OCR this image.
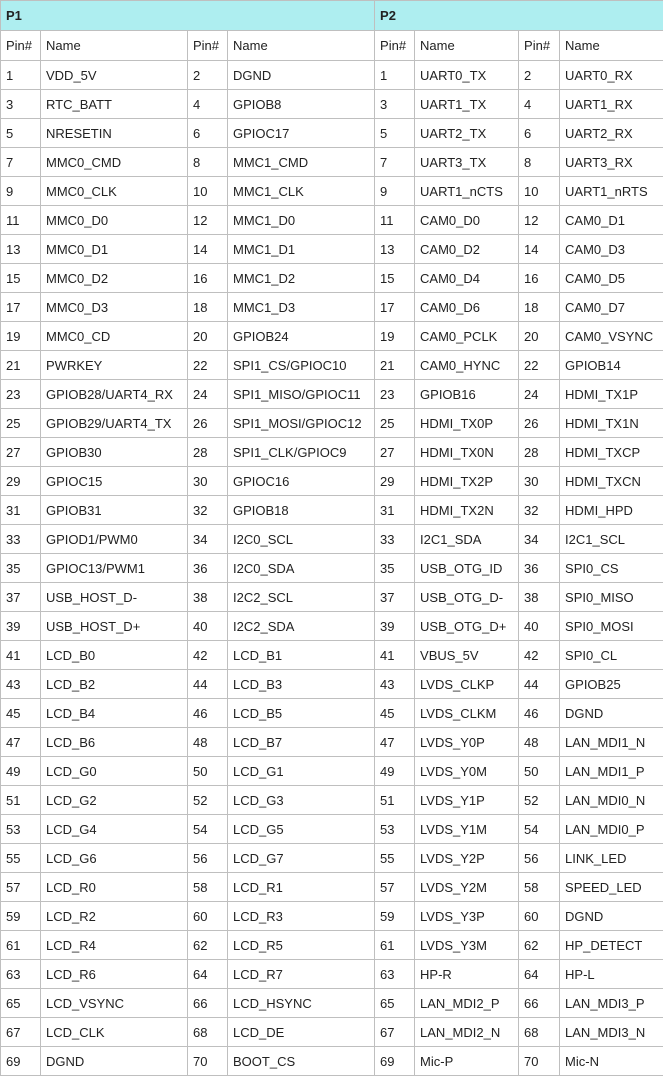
P1				P2			
Pin#	Name	Pin#	Name	Pin#	Name	Pin#	Name
1	VDD_5V	2	DGND	1	UART0_TX	2	UART0_RX
3	RTC_BATT	4	GPIOB8	3	UART1_TX	4	UART1_RX
5	NRESETIN	6	GPIOC17	5	UART2_TX	6	UART2_RX
7	MMC0_CMD	8	MMC1_CMD	7	UART3_TX	8	UART3_RX
9	MMC0_CLK	10	MMC1_CLK	9	UART1_nCTS	10	UART1_nRTS
11	MMC0_D0	12	MMC1_D0	11	CAM0_D0	12	CAM0_D1
13	MMC0_D1	14	MMC1_D1	13	CAM0_D2	14	CAM0_D3
15	MMC0_D2	16	MMC1_D2	15	CAM0_D4	16	CAM0_D5
17	MMC0_D3	18	MMC1_D3	17	CAM0_D6	18	CAM0_D7
19	MMC0_CD	20	GPIOB24	19	CAM0_PCLK	20	CAM0_VSYNC
21	PWRKEY	22	SPI1_CS/GPIOC10	21	CAM0_HYNC	22	GPIOB14
23	GPIOB28/UART4_RX	24	SPI1_MISO/GPIOC11	23	GPIOB16	24	HDMI_TX1P
25	GPIOB29/UART4_TX	26	SPI1_MOSI/GPIOC12	25	HDMI_TX0P	26	HDMI_TX1N
27	GPIOB30	28	SPI1_CLK/GPIOC9	27	HDMI_TX0N	28	HDMI_TXCP
29	GPIOC15	30	GPIOC16	29	HDMI_TX2P	30	HDMI_TXCN
31	GPIOB31	32	GPIOB18	31	HDMI_TX2N	32	HDMI_HPD
33	GPIOD1/PWM0	34	I2C0_SCL	33	I2C1_SDA	34	I2C1_SCL
35	GPIOC13/PWM1	36	I2C0_SDA	35	USB_OTG_ID	36	SPI0_CS
37	USB_HOST_D-	38	I2C2_SCL	37	USB_OTG_D-	38	SPI0_MISO
39	USB_HOST_D+	40	I2C2_SDA	39	USB_OTG_D+	40	SPI0_MOSI
41	LCD_B0	42	LCD_B1	41	VBUS_5V	42	SPI0_CL
43	LCD_B2	44	LCD_B3	43	LVDS_CLKP	44	GPIOB25
45	LCD_B4	46	LCD_B5	45	LVDS_CLKM	46	DGND
47	LCD_B6	48	LCD_B7	47	LVDS_Y0P	48	LAN_MDI1_N
49	LCD_G0	50	LCD_G1	49	LVDS_Y0M	50	LAN_MDI1_P
51	LCD_G2	52	LCD_G3	51	LVDS_Y1P	52	LAN_MDI0_N
53	LCD_G4	54	LCD_G5	53	LVDS_Y1M	54	LAN_MDI0_P
55	LCD_G6	56	LCD_G7	55	LVDS_Y2P	56	LINK_LED
57	LCD_R0	58	LCD_R1	57	LVDS_Y2M	58	SPEED_LED
59	LCD_R2	60	LCD_R3	59	LVDS_Y3P	60	DGND
61	LCD_R4	62	LCD_R5	61	LVDS_Y3M	62	HP_DETECT
63	LCD_R6	64	LCD_R7	63	HP-R	64	HP-L
65	LCD_VSYNC	66	LCD_HSYNC	65	LAN_MDI2_P	66	LAN_MDI3_P
67	LCD_CLK	68	LCD_DE	67	LAN_MDI2_N	68	LAN_MDI3_N
69	DGND	70	BOOT_CS	69	Mic-P	70	Mic-N
